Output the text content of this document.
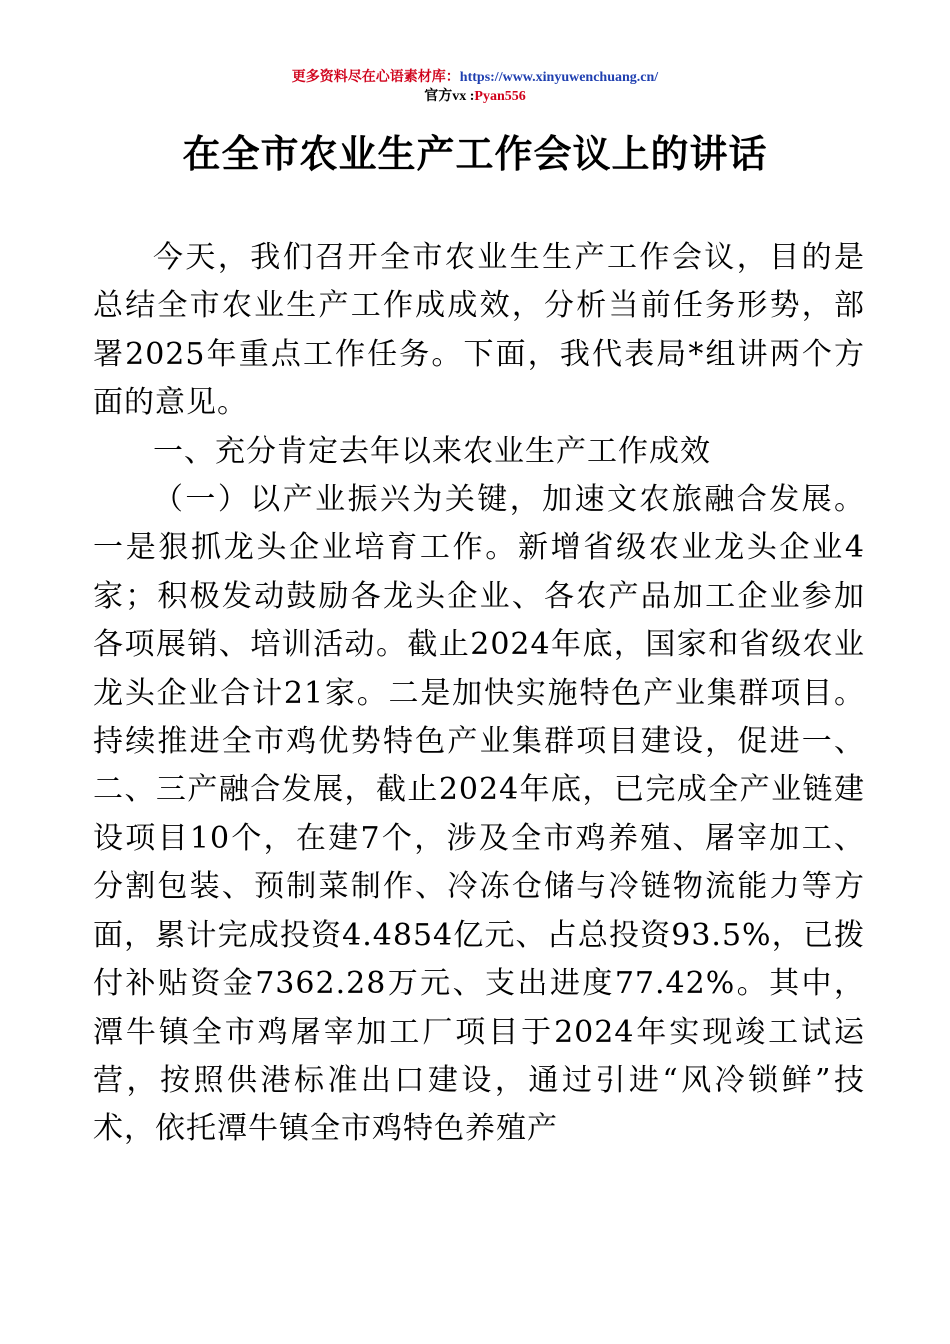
更多资料尽在心语素材库：https://www.xinyuwenchuang.cn/
官方vx :Pyan556
在全市农业生产工作会议上的讲话

今天，我们召开全市农业生生产工作会议，目的是总结全市农业生产工作成成效，分析当前任务形势，部署2025年重点工作任务。下面，我代表局*组讲两个方面的意见。

一、充分肯定去年以来农业生产工作成效

（一）以产业振兴为关键，加速文农旅融合发展。一是狠抓龙头企业培育工作。新增省级农业龙头企业4家；积极发动鼓励各龙头企业、各农产品加工企业参加各项展销、培训活动。截止2024年底，国家和省级农业龙头企业合计21家。二是加快实施特色产业集群项目。持续推进全市鸡优势特色产业集群项目建设，促进一、二、三产融合发展，截止2024年底，已完成全产业链建设项目10个，在建7个，涉及全市鸡养殖、屠宰加工、分割包装、预制菜制作、冷冻仓储与冷链物流能力等方面，累计完成投资4.4854亿元、占总投资93.5%，已拨付补贴资金7362.28万元、支出进度77.42%。其中，潭牛镇全市鸡屠宰加工厂项目于2024年实现竣工试运营，按照供港标准出口建设，通过引进“风冷锁鲜”技术，依托潭牛镇全市鸡特色养殖产
